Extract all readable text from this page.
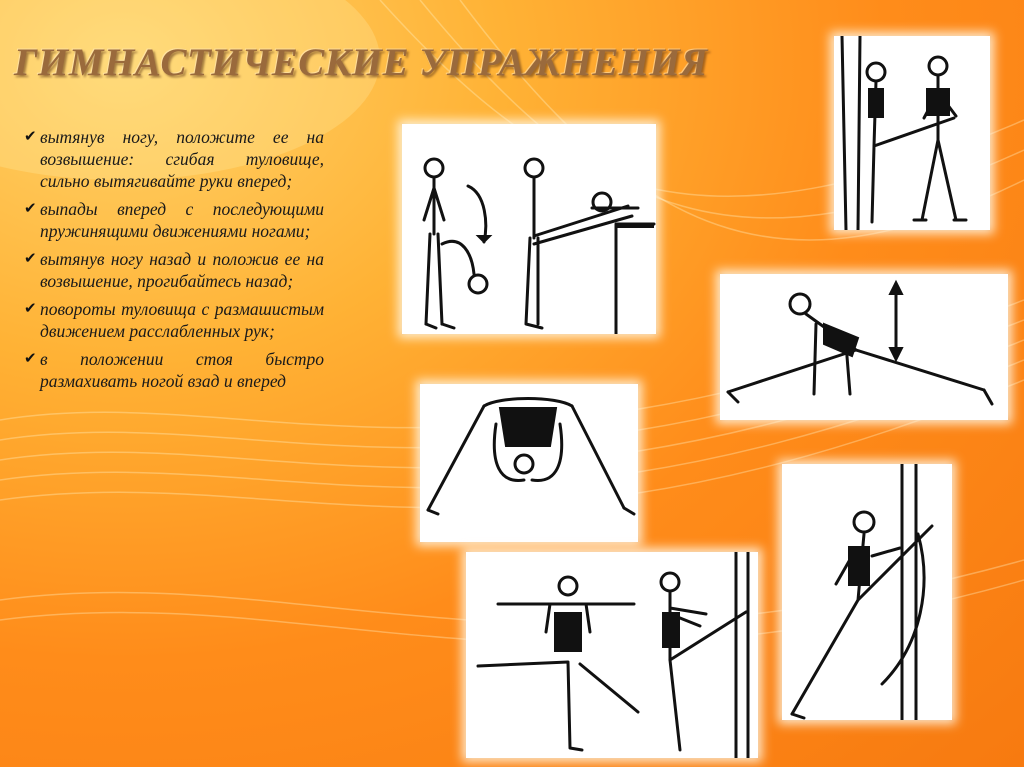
ГИМНАСТИЧЕСКИЕ УПРАЖНЕНИЯ
✔ вытянув ногу, положите ее на возвышение: сгибая туловище, сильно вытягивайте руки вперед;
✔ выпады вперед с последующими пружинящими движениями ногами;
✔ вытянув ногу назад и положив ее на возвышение, прогибайтесь назад;
✔ повороты туловища с размашистым движением расслабленных рук;
✔ в положении стоя быстро размахивать ногой взад и вперед
